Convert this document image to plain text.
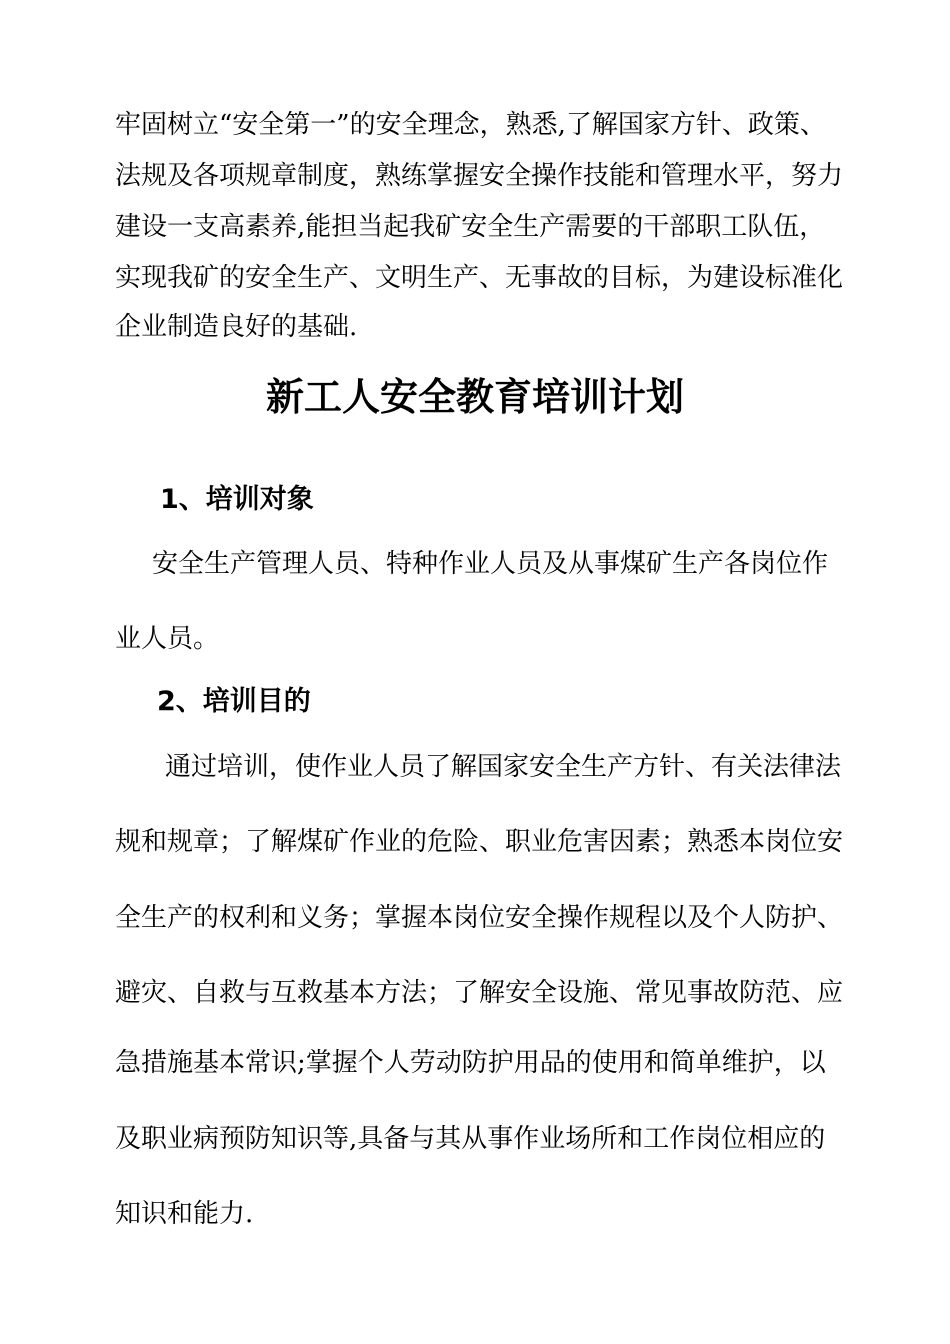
牢固树立“安全第一”的安全理念，熟悉,了解国家方针、政策、
法规及各项规章制度，熟练掌握安全操作技能和管理水平，努力
建设一支高素养,能担当起我矿安全生产需要的干部职工队伍，
实现我矿的安全生产、文明生产、无事故的目标，为建设标准化
企业制造良好的基础.
新工人安全教育培训计划
1、培训对象
安全生产管理人员、特种作业人员及从事煤矿生产各岗位作
业人员。
2、培训目的
通过培训，使作业人员了解国家安全生产方针、有关法律法
规和规章；了解煤矿作业的危险、职业危害因素；熟悉本岗位安
全生产的权利和义务；掌握本岗位安全操作规程以及个人防护、
避灾、自救与互救基本方法；了解安全设施、常见事故防范、应
急措施基本常识;掌握个人劳动防护用品的使用和简单维护，以
及职业病预防知识等,具备与其从事作业场所和工作岗位相应的
知识和能力.
